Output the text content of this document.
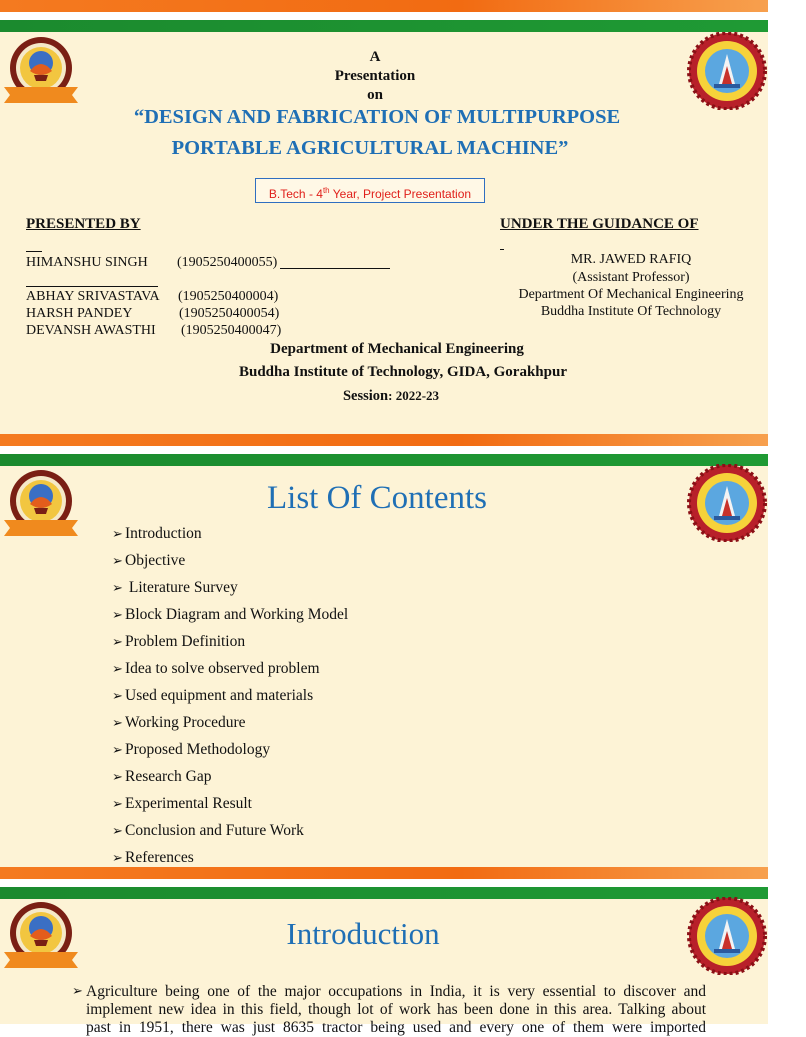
A
Presentation
on
“DESIGN AND FABRICATION OF MULTIPURPOSE
PORTABLE AGRICULTURAL MACHINE”
B.Tech - 4th Year, Project Presentation
PRESENTED BY
HIMANSHU SINGH (1905250400055)
ABHAY SRIVASTAVA (1905250400004)
HARSH PANDEY	(1905250400054)
DEVANSH AWASTHI (1905250400047)
UNDER THE GUIDANCE OF
MR. JAWED RAFIQ
(Assistant Professor)
Department Of Mechanical Engineering
Buddha Institute Of Technology
Department of Mechanical Engineering
Buddha Institute of Technology, GIDA, Gorakhpur
Session: 2022-23
List Of Contents
➢ Introduction
➢ Objective
➢ Literature Survey
➢ Block Diagram and Working Model
➢ Problem Definition
➢ Idea to solve observed problem
➢ Used equipment and materials
➢ Working Procedure
➢ Proposed Methodology
➢ Research Gap
➢ Experimental Result
➢ Conclusion and Future Work
➢ References
Introduction
➢ Agriculture being one of the major occupations in India, it is very essential to discover and
implement new idea in this field, though lot of work has been done in this area. Talking about
past in 1951, there was just 8635 tractor being used and every one of them were imported
